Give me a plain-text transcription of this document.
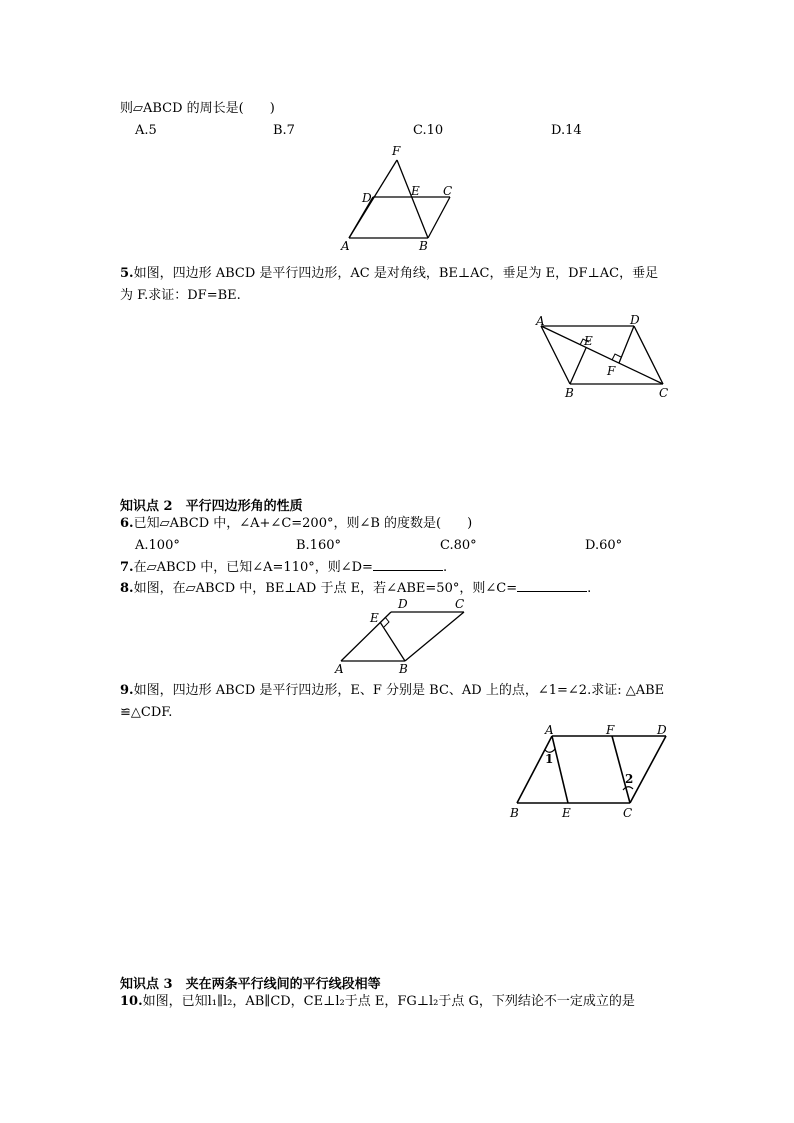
则▱ABCD 的周长是(　　)
A.5	B.7	C.10	D.14
F
D	E C
A	B
5.如图，四边形 ABCD 是平行四边形，AC 是对角线，BE⊥AC，垂足为 E，DF⊥AC，垂足
为 F.求证：DF=BE.
A	D
E
F
B	C
知识点 2　平行四边形角的性质
6.已知▱ABCD 中，∠A+∠C=200°，则∠B 的度数是(　　)
A.100°	B.160°	C.80°	D.60°
7.在▱ABCD 中，已知∠A=110°，则∠D=	.
8.如图，在▱ABCD 中，BE⊥AD 于点 E，若∠ABE=50°，则∠C=	.
E
D	C
A	B
9.如图，四边形 ABCD 是平行四边形，E、F 分别是 BC、AD 上的点，∠1=∠2.求证: △ABE
≌△CDF.
A	F	D
B	E	C
1
2
知识点 3　夹在两条平行线间的平行线段相等
10.如图，已知l₁∥l₂，AB∥CD，CE⊥l₂于点 E，FG⊥l₂于点 G，下列结论不一定成立的是
